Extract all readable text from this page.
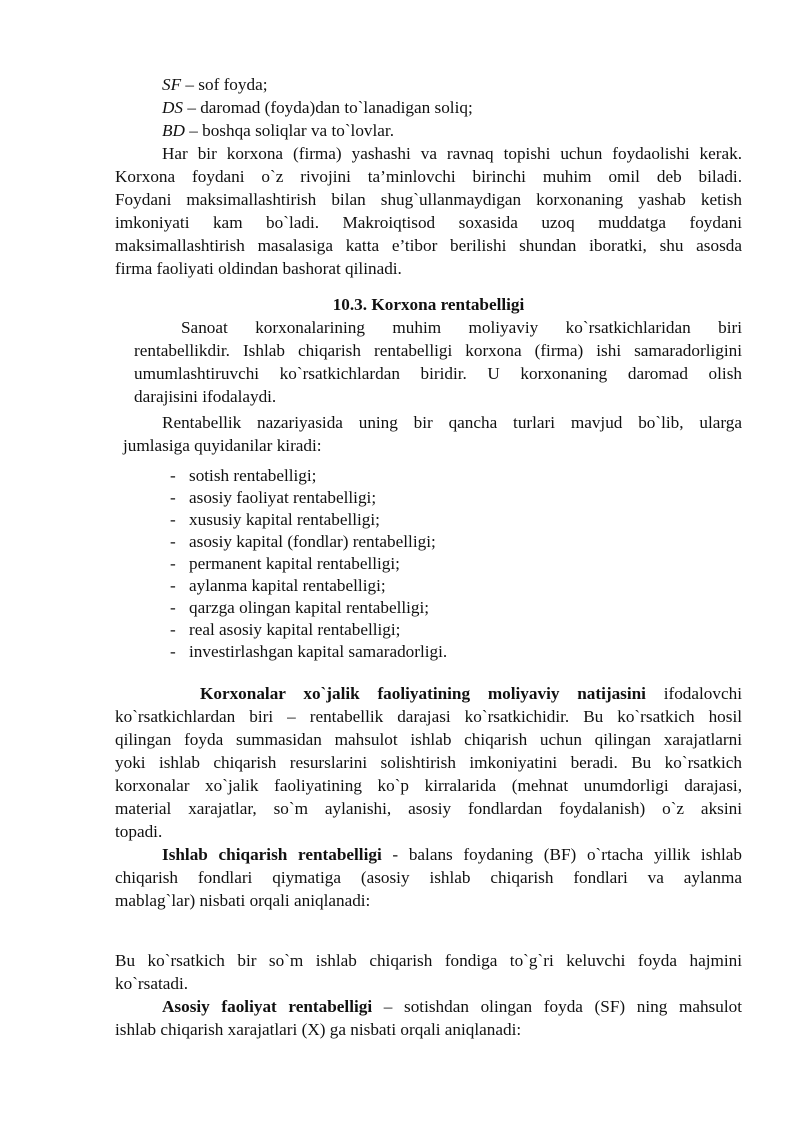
SF – sof foyda;
DS – daromad (foyda)dan to`lanadigan soliq;
BD – boshqa soliqlar va to`lovlar.
Har bir korxona (firma) yashashi va ravnaq topishi uchun foydaolishi kerak.
Korxona foydani o`z rivojini ta’minlovchi birinchi muhim omil deb biladi.
Foydani maksimallashtirish bilan shug`ullanmaydigan korxonaning yashab ketish
imkoniyati kam bo`ladi. Makroiqtisod soxasida uzoq muddatga foydani
maksimallashtirish masalasiga katta e’tibor berilishi shundan iboratki, shu asosda
firma faoliyati oldindan bashorat qilinadi.
10.3. Korxona rentabelligi
Sanoat korxonalarining muhim moliyaviy ko`rsatkichlaridan biri
rentabellikdir. Ishlab chiqarish rentabelligi korxona (firma) ishi samaradorligini
umumlashtiruvchi ko`rsatkichlardan biridir. U korxonaning daromad olish
darajisini ifodalaydi.
Rentabellik nazariyasida uning bir qancha turlari mavjud bo`lib, ularga
jumlasiga quyidanilar kiradi:
- sotish rentabelligi;
- asosiy faoliyat rentabelligi;
- xususiy kapital rentabelligi;
- asosiy kapital (fondlar) rentabelligi;
- permanent kapital rentabelligi;
- aylanma kapital rentabelligi;
- qarzga olingan kapital rentabelligi;
- real asosiy kapital rentabelligi;
- investirlashgan kapital samaradorligi.
Korxonalar xo`jalik faoliyatining moliyaviy natijasini ifodalovchi
ko`rsatkichlardan biri – rentabellik darajasi ko`rsatkichidir. Bu ko`rsatkich hosil
qilingan foyda summasidan mahsulot ishlab chiqarish uchun qilingan xarajatlarni
yoki ishlab chiqarish resurslarini solishtirish imkoniyatini beradi. Bu ko`rsatkich
korxonalar xo`jalik faoliyatining ko`p kirralarida (mehnat unumdorligi darajasi,
material xarajatlar, so`m aylanishi, asosiy fondlardan foydalanish) o`z aksini
topadi.
Ishlab chiqarish rentabelligi - balans foydaning (BF) o`rtacha yillik ishlab
chiqarish fondlari qiymatiga (asosiy ishlab chiqarish fondlari va aylanma
mablag`lar) nisbati orqali aniqlanadi:
Bu ko`rsatkich bir so`m ishlab chiqarish fondiga to`g`ri keluvchi foyda hajmini
ko`rsatadi.
Asosiy faoliyat rentabelligi – sotishdan olingan foyda (SF) ning mahsulot
ishlab chiqarish xarajatlari (X) ga nisbati orqali aniqlanadi:
